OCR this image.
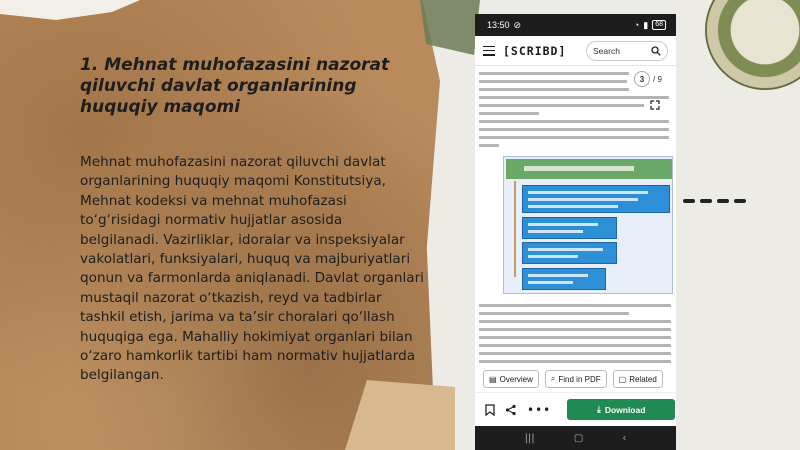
1. Mehnat muhofazasini nazorat qiluvchi davlat organlarining huquqiy maqomi
Mehnat muhofazasini nazorat qiluvchi davlat organlarining huquqiy maqomi Konstitutsiya, Mehnat kodeksi va mehnat muhofazasi to‘g‘risidagi normativ hujjatlar asosida belgilanadi. Vazirliklar, idoralar va inspeksiyalar vakolatlari, funksiyalari, huquq va majburiyatlari qonun va farmonlarda aniqlanadi. Davlat organlari mustaqil nazorat o‘tkazish, reyd va tadbirlar tashkil etish, jarima va ta’sir choralari qo‘llash huquqiga ega. Mahalliy hokimiyat organlari bilan o‘zaro hamkorlik tartibi ham normativ hujjatlarda belgilangan.
13:50 ⊘	◔ ▮	68
[SCRIBD]	Search
3	/ 9
▤ Overview ⌕ Find in PDF ▢ Related
•••	⤓ Download
|||	▢	‹
